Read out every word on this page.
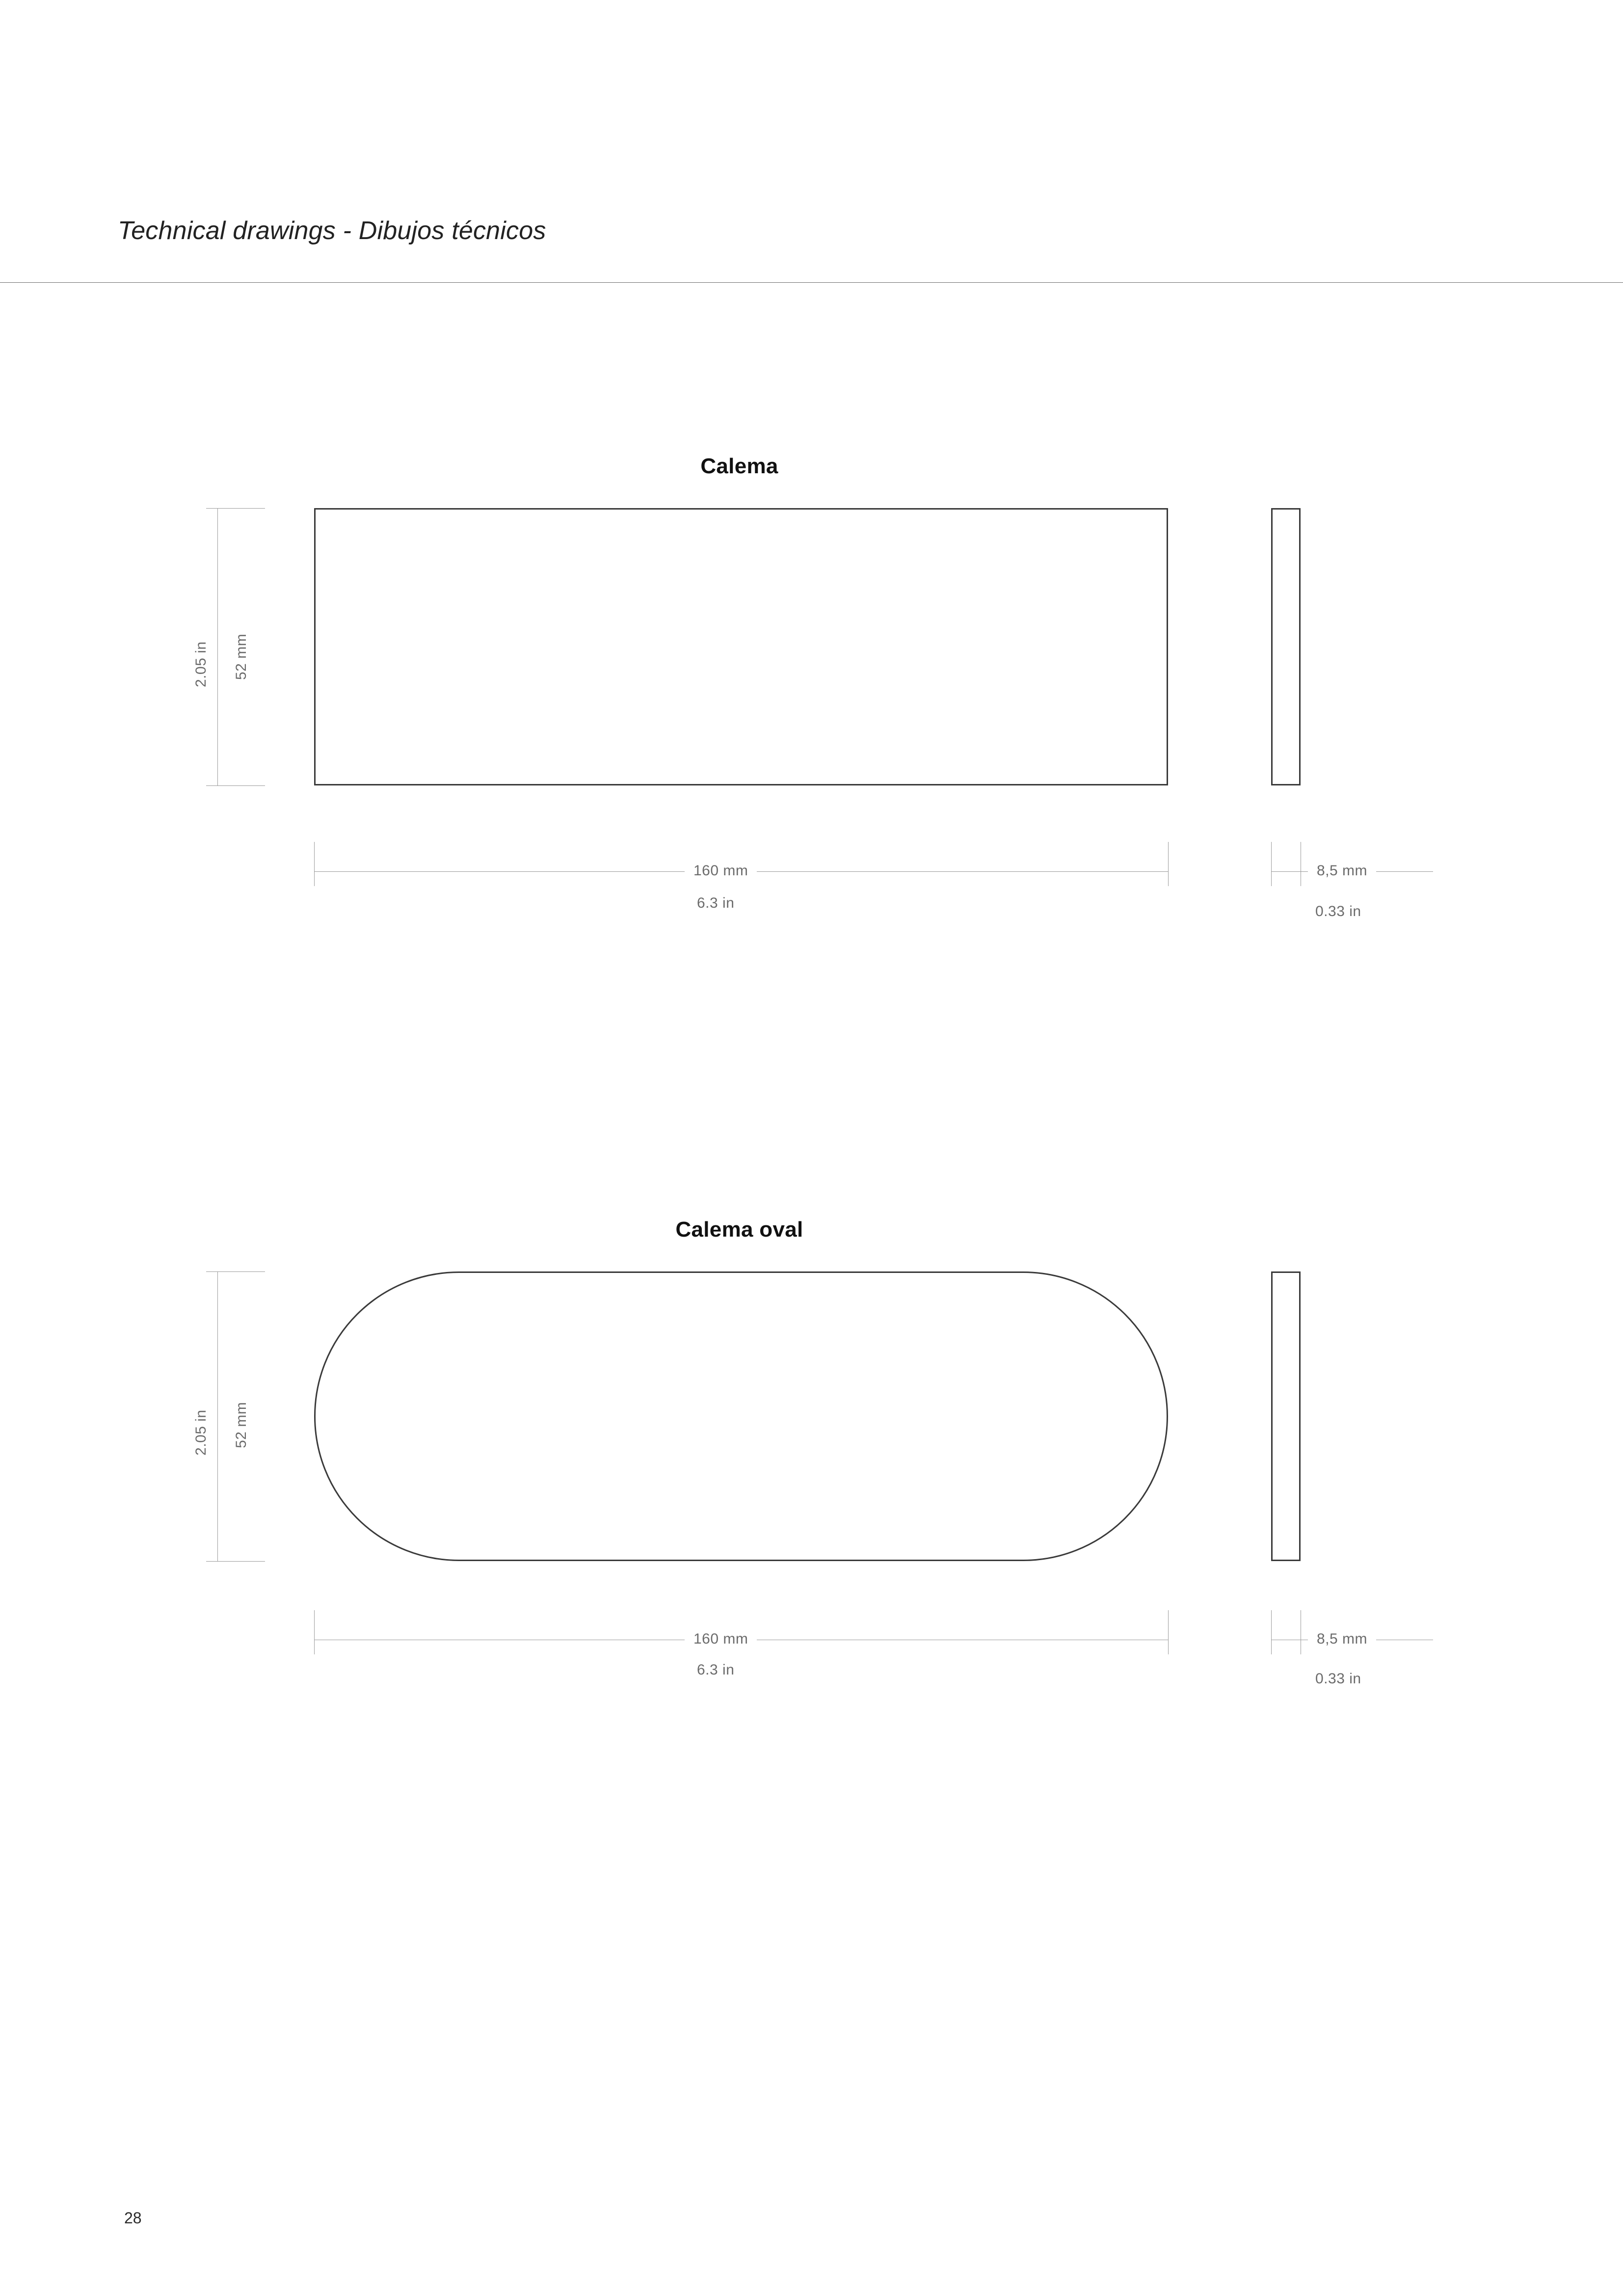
Technical drawings - Dibujos técnicos
Calema
52 mm
2.05 in
160 mm
6.3 in
8,5 mm
0.33 in
Calema oval
52 mm
2.05 in
160 mm
6.3 in
8,5 mm
0.33 in
28
